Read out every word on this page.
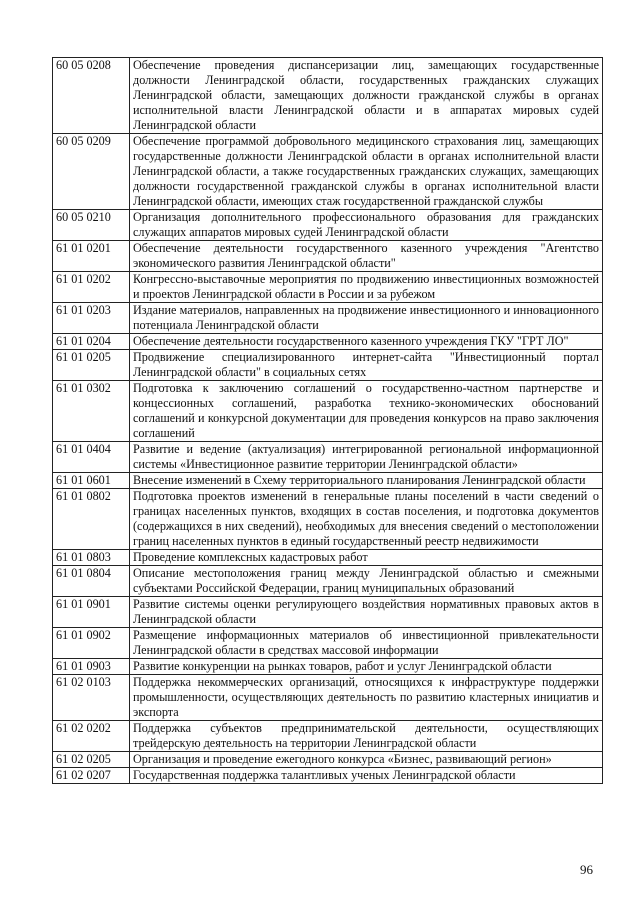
60 05 0208	Обеспечение проведения диспансеризации лиц, замещающих государственные должности Ленинградской области, государственных гражданских служащих Ленинградской области, замещающих должности гражданской службы в органах исполнительной власти Ленинградской области и в аппаратах мировых судей Ленинградской области
60 05 0209	Обеспечение программой добровольного медицинского страхования лиц, замещающих государственные должности Ленинградской области в органах исполнительной власти Ленинградской области, а также государственных гражданских служащих, замещающих должности государственной гражданской службы в органах исполнительной власти Ленинградской области, имеющих стаж государственной гражданской службы
60 05 0210	Организация дополнительного профессионального образования для гражданских служащих аппаратов мировых судей Ленинградской области
61 01 0201	Обеспечение деятельности государственного казенного учреждения "Агентство экономического развития Ленинградской области"
61 01 0202	Конгрессно-выставочные мероприятия по продвижению инвестиционных возможностей и проектов Ленинградской области в России и за рубежом
61 01 0203	Издание материалов, направленных на продвижение инвестиционного и инновационного потенциала Ленинградской области
61 01 0204	Обеспечение деятельности государственного казенного учреждения ГКУ "ГРТ ЛО"
61 01 0205	Продвижение специализированного интернет-сайта "Инвестиционный портал Ленинградской области" в социальных сетях
61 01 0302	Подготовка к заключению соглашений о государственно-частном партнерстве и концессионных соглашений, разработка технико-экономических обоснований соглашений и конкурсной документации для проведения конкурсов на право заключения соглашений
61 01 0404	Развитие и ведение (актуализация) интегрированной региональной информационной системы «Инвестиционное развитие территории Ленинградской области»
61 01 0601	Внесение изменений в Схему территориального планирования Ленинградской области
61 01 0802	Подготовка проектов изменений в генеральные планы поселений в части сведений о границах населенных пунктов, входящих в состав поселения, и подготовка документов (содержащихся в них сведений), необходимых для внесения сведений о местоположении границ населенных пунктов в единый государственный реестр недвижимости
61 01 0803	Проведение комплексных кадастровых работ
61 01 0804	Описание местоположения границ между Ленинградской областью и смежными субъектами Российской Федерации, границ муниципальных образований
61 01 0901	Развитие системы оценки регулирующего воздействия нормативных правовых актов в Ленинградской области
61 01 0902	Размещение информационных материалов об инвестиционной привлекательности Ленинградской области в средствах массовой информации
61 01 0903	Развитие конкуренции на рынках товаров, работ и услуг Ленинградской области
61 02 0103	Поддержка некоммерческих организаций, относящихся к инфраструктуре поддержки промышленности, осуществляющих деятельность по развитию кластерных инициатив и экспорта
61 02 0202	Поддержка субъектов предпринимательской деятельности, осуществляющих трейдерскую деятельность на территории Ленинградской области
61 02 0205	Организация и проведение ежегодного конкурса «Бизнес, развивающий регион»
61 02 0207	Государственная поддержка талантливых ученых Ленинградской области
96
